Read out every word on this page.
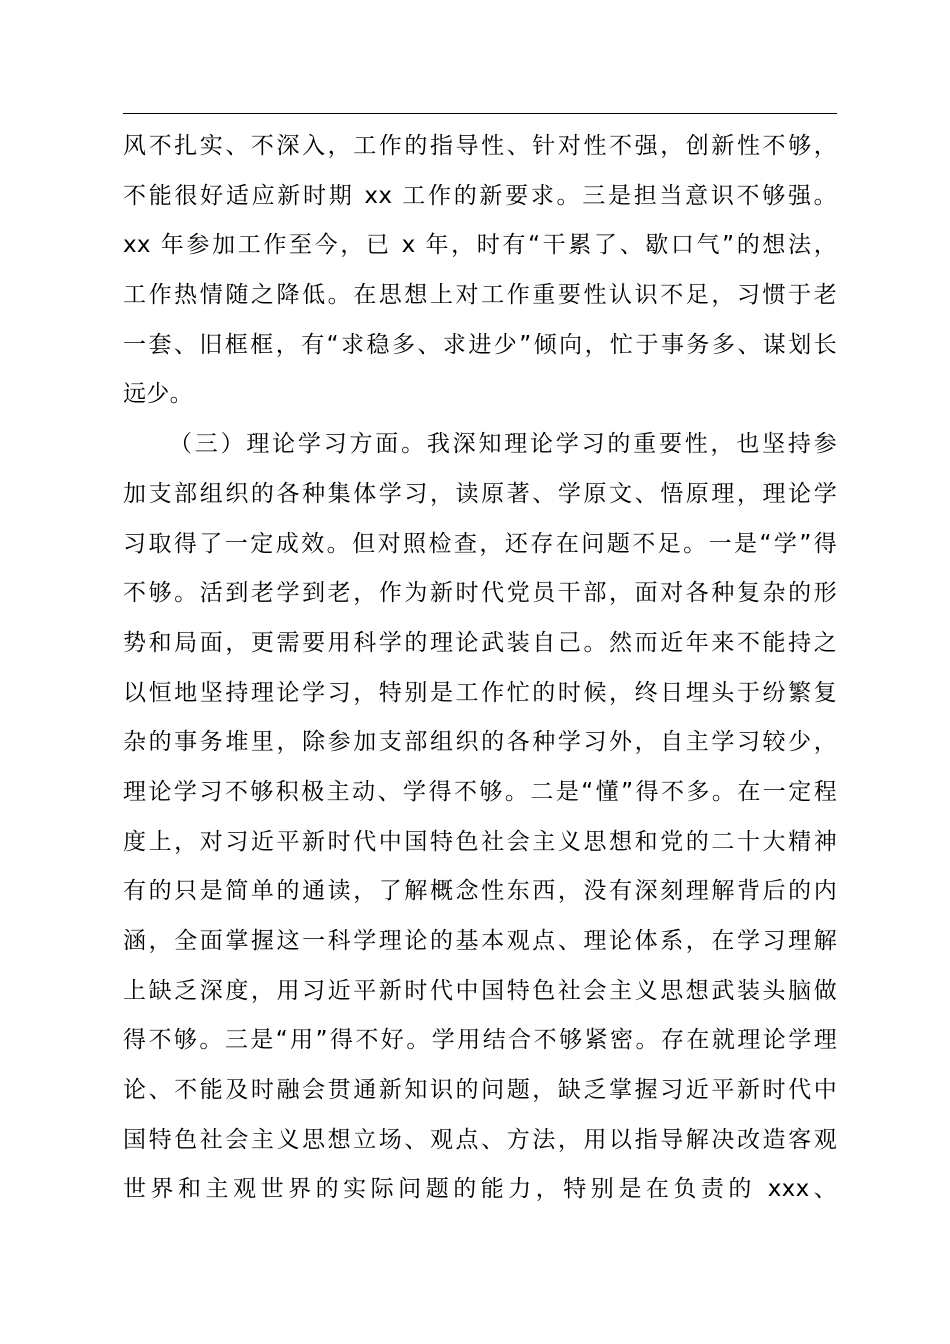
风不扎实、不深入，工作的指导性、针对性不强，创新性不够，
不能很好适应新时期 xx 工作的新要求。三是担当意识不够强。
xx 年参加工作至今，已 x 年，时有“干累了、歇口气”的想法，
工作热情随之降低。在思想上对工作重要性认识不足，习惯于老
一套、旧框框，有“求稳多、求进少”倾向，忙于事务多、谋划长
远少。
（三）理论学习方面。我深知理论学习的重要性，也坚持参
加支部组织的各种集体学习，读原著、学原文、悟原理，理论学
习取得了一定成效。但对照检查，还存在问题不足。一是“学”得
不够。活到老学到老，作为新时代党员干部，面对各种复杂的形
势和局面，更需要用科学的理论武装自己。然而近年来不能持之
以恒地坚持理论学习，特别是工作忙的时候，终日埋头于纷繁复
杂的事务堆里，除参加支部组织的各种学习外，自主学习较少，
理论学习不够积极主动、学得不够。二是“懂”得不多。在一定程
度上，对习近平新时代中国特色社会主义思想和党的二十大精神
有的只是简单的通读，了解概念性东西，没有深刻理解背后的内
涵，全面掌握这一科学理论的基本观点、理论体系，在学习理解
上缺乏深度，用习近平新时代中国特色社会主义思想武装头脑做
得不够。三是“用”得不好。学用结合不够紧密。存在就理论学理
论、不能及时融会贯通新知识的问题，缺乏掌握习近平新时代中
国特色社会主义思想立场、观点、方法，用以指导解决改造客观
世界和主观世界的实际问题的能力，特别是在负责的 xxx、
